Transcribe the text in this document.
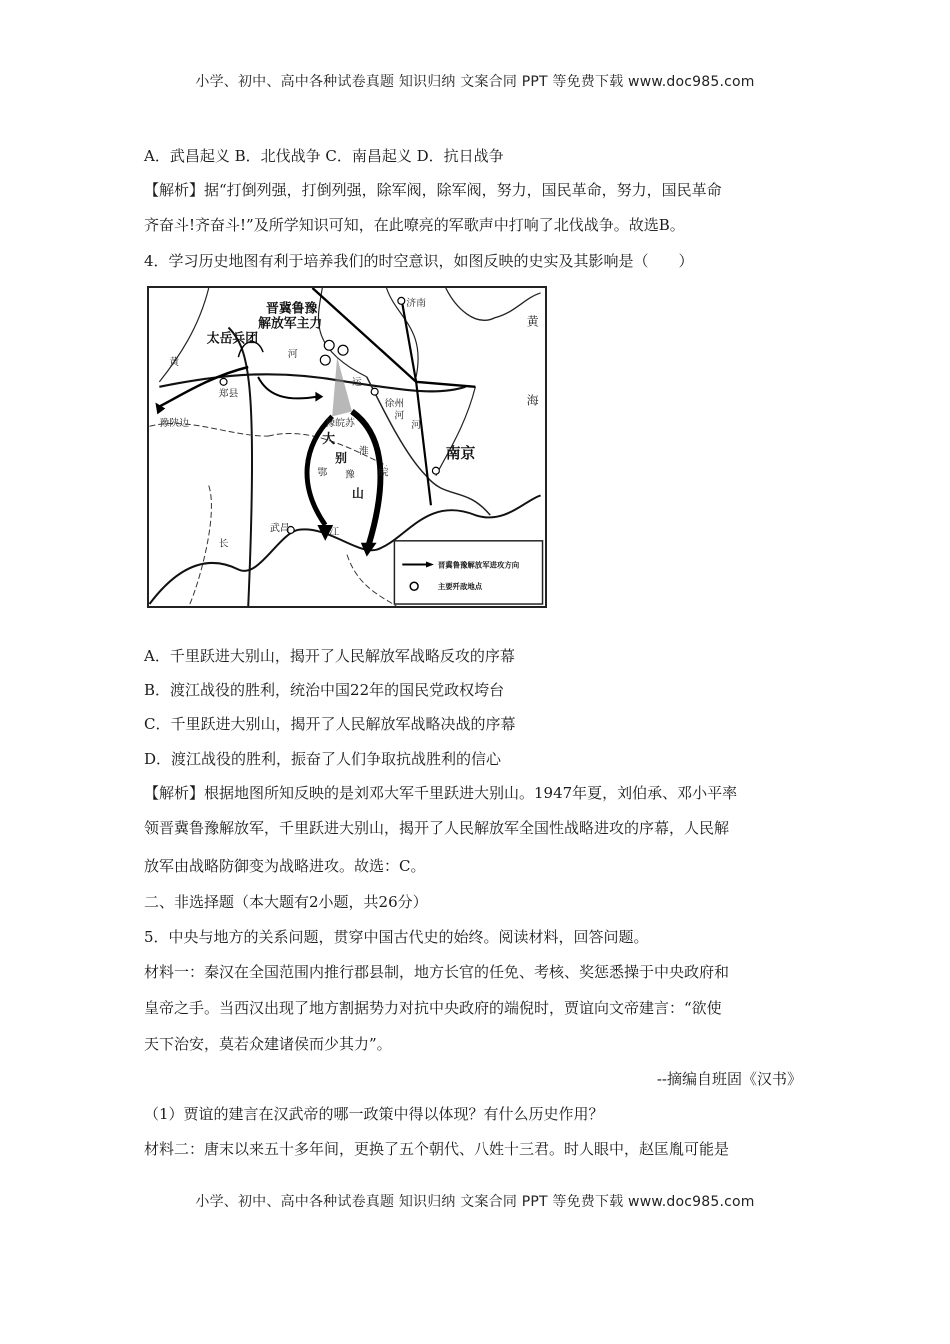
小学、初中、高中各种试卷真题 知识归纳 文案合同 PPT 等免费下载 www.doc985.com
A．武昌起义 B．北伐战争 C．南昌起义 D．抗日战争
【解析】据“打倒列强，打倒列强，除军阀，除军阀，努力，国民革命，努力，国民革命
齐奋斗!齐奋斗!”及所学知识可知，在此嘹亮的军歌声中打响了北伐战争。故选B。
4．学习历史地图有利于培养我们的时空意识，如图反映的史实及其影响是（　　）
晋冀鲁豫
解放军主力
太岳兵团
南京
大
别
山
济南
郑县
徐州
武昌
豫陕边	豫皖苏
黄
海
黄
河
运
河
淮
河
鄂 豫 皖
长
江
晋冀鲁豫解放军进攻方向
主要歼敌地点
A．千里跃进大别山，揭开了人民解放军战略反攻的序幕
B．渡江战役的胜利，统治中国22年的国民党政权垮台
C．千里跃进大别山，揭开了人民解放军战略决战的序幕
D．渡江战役的胜利，振奋了人们争取抗战胜利的信心
【解析】根据地图所知反映的是刘邓大军千里跃进大别山。1947年夏，刘伯承、邓小平率
领晋冀鲁豫解放军，千里跃进大别山，揭开了人民解放军全国性战略进攻的序幕，人民解
放军由战略防御变为战略进攻。故选：C。
二、非选择题（本大题有2小题，共26分）
5．中央与地方的关系问题，贯穿中国古代史的始终。阅读材料，回答问题。
材料一：秦汉在全国范围内推行郡县制，地方长官的任免、考核、奖惩悉操于中央政府和
皇帝之手。当西汉出现了地方割据势力对抗中央政府的端倪时，贾谊向文帝建言：“欲使
天下治安，莫若众建诸侯而少其力”。
--摘编自班固《汉书》
（1）贾谊的建言在汉武帝的哪一政策中得以体现？有什么历史作用？
材料二：唐末以来五十多年间，更换了五个朝代、八姓十三君。时人眼中，赵匡胤可能是
小学、初中、高中各种试卷真题 知识归纳 文案合同 PPT 等免费下载 www.doc985.com
